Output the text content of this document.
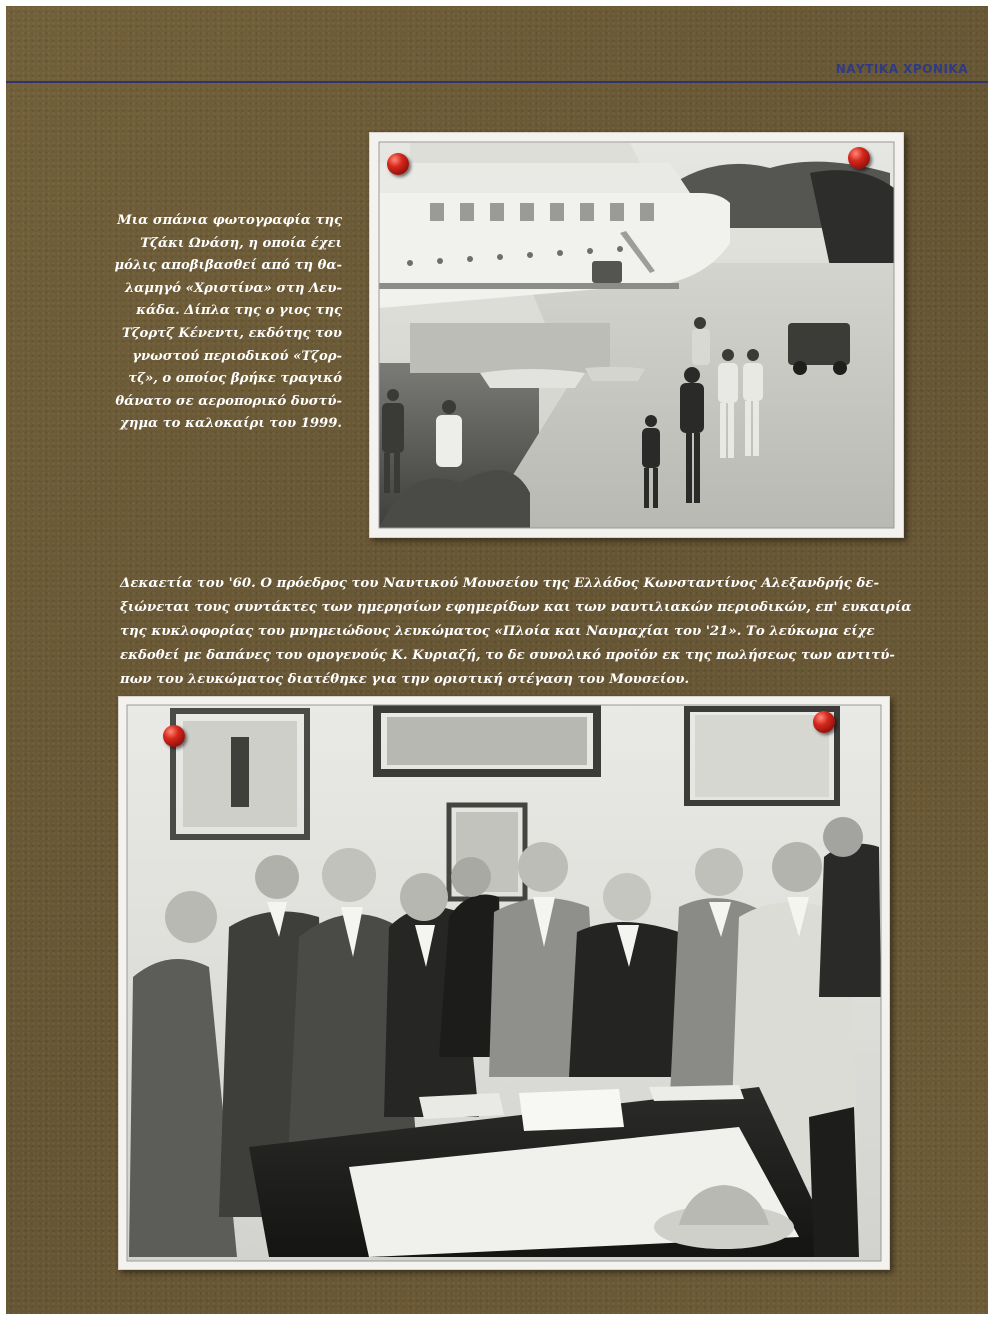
ΝΑΥΤΙΚΑ ΧΡΟΝΙΚΑ
Μια σπάνια φωτογραφία της
Τζάκι Ωνάση, η οποία έχει
μόλις αποβιβασθεί από τη θα-
λαμηγό «Χριστίνα» στη Λευ-
κάδα. Δίπλα της ο γιος της
Τζορτζ Κένεντι, εκδότης του
γνωστού περιοδικού «Τζορ-
τζ», ο οποίος βρήκε τραγικό
θάνατο σε αεροπορικό δυστύ-
χημα το καλοκαίρι του 1999.
Δεκαετία του '60. Ο πρόεδρος του Ναυτικού Μουσείου της Ελλάδος Κωνσταντίνος Αλεξανδρής δε-
ξιώνεται τους συντάκτες των ημερησίων εφημερίδων και των ναυτιλιακών περιοδικών, επ' ευκαιρία
της κυκλοφορίας του μνημειώδους λευκώματος «Πλοία και Ναυμαχίαι του '21». Το λεύκωμα είχε
εκδοθεί με δαπάνες του ομογενούς Κ. Κυριαζή, το δε συνολικό προϊόν εκ της πωλήσεως των αντιτύ-
πων του λευκώματος διατέθηκε για την οριστική στέγαση του Μουσείου.
